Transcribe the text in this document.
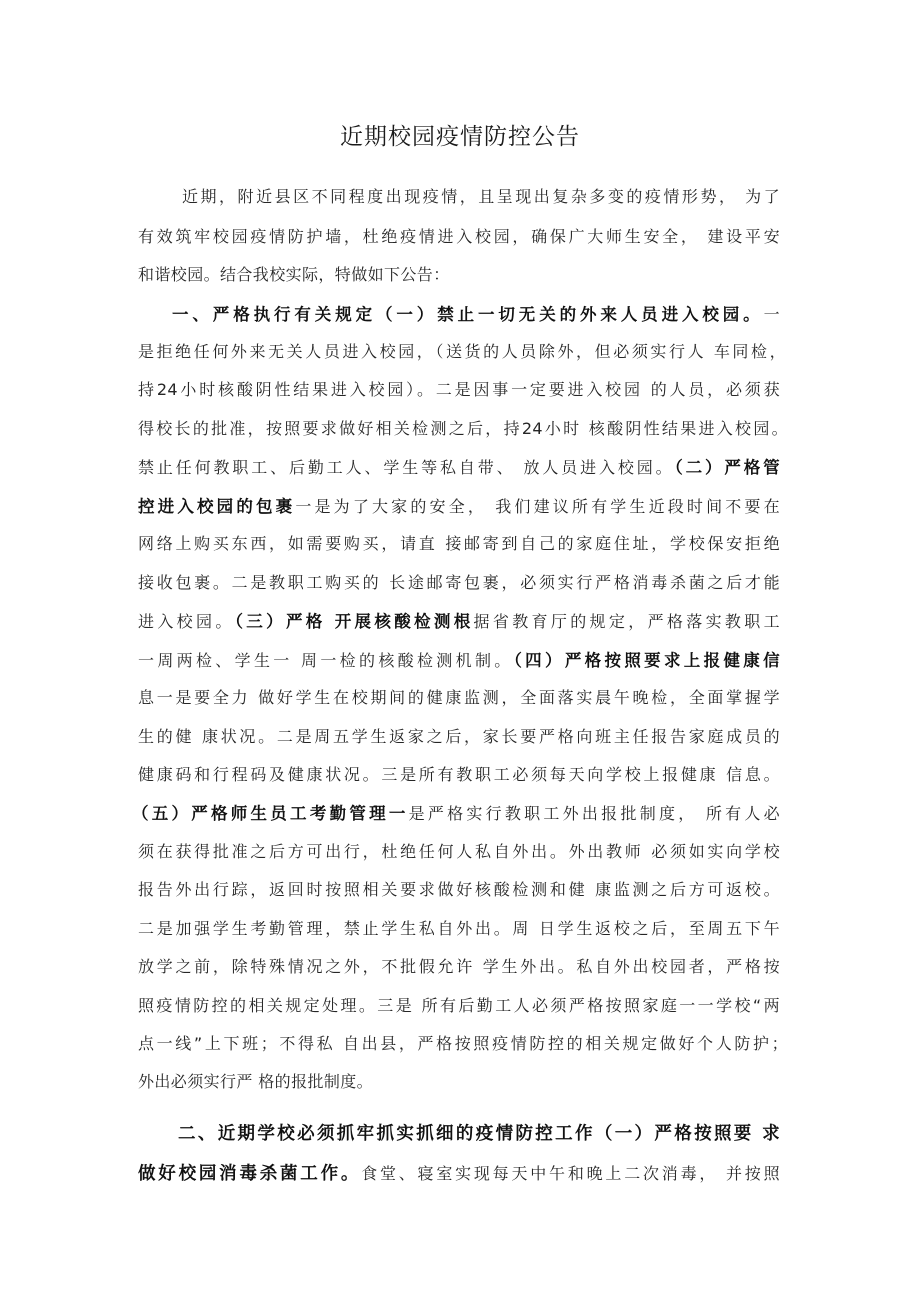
近期校园疫情防控公告

近期，附近县区不同程度出现疫情，且呈现出复杂多变的疫情形势， 为了

有效筑牢校园疫情防护墙，杜绝疫情进入校园，确保广大师生安全， 建设平安

和谐校园。结合我校实际，特做如下公告：

一、严格执行有关规定（一）禁止一切无关的外来人员进入校园。一

是拒绝任何外来无关人员进入校园，（送货的人员除外，但必须实行人 车同检，

持24小时核酸阴性结果进入校园）。二是因事一定要进入校园 的人员，必须获

得校长的批准，按照要求做好相关检测之后，持24小时 核酸阴性结果进入校园。

禁止任何教职工、后勤工人、学生等私自带、 放人员进入校园。（二）严格管

控进入校园的包裹一是为了大家的安全， 我们建议所有学生近段时间不要在

网络上购买东西，如需要购买，请直 接邮寄到自己的家庭住址，学校保安拒绝

接收包裹。二是教职工购买的 长途邮寄包裹，必须实行严格消毒杀菌之后才能

进入校园。（三）严格 开展核酸检测根据省教育厅的规定，严格落实教职工

一周两检、学生一 周一检的核酸检测机制。（四）严格按照要求上报健康信

息一是要全力 做好学生在校期间的健康监测，全面落实晨午晚检，全面掌握学

生的健 康状况。二是周五学生返家之后，家长要严格向班主任报告家庭成员的

健康码和行程码及健康状况。三是所有教职工必须每天向学校上报健康 信息。

（五）严格师生员工考勤管理一是严格实行教职工外出报批制度， 所有人必

须在获得批准之后方可出行，杜绝任何人私自外出。外出教师 必须如实向学校

报告外出行踪，返回时按照相关要求做好核酸检测和健 康监测之后方可返校。

二是加强学生考勤管理，禁止学生私自外出。周 日学生返校之后，至周五下午

放学之前，除特殊情况之外，不批假允许 学生外出。私自外出校园者，严格按

照疫情防控的相关规定处理。三是 所有后勤工人必须严格按照家庭一一学校“两

点一线”上下班；不得私 自出县，严格按照疫情防控的相关规定做好个人防护；

外出必须实行严 格的报批制度。

二、近期学校必须抓牢抓实抓细的疫情防控工作（一）严格按照要 求

做好校园消毒杀菌工作。食堂、寝室实现每天中午和晚上二次消毒， 并按照
